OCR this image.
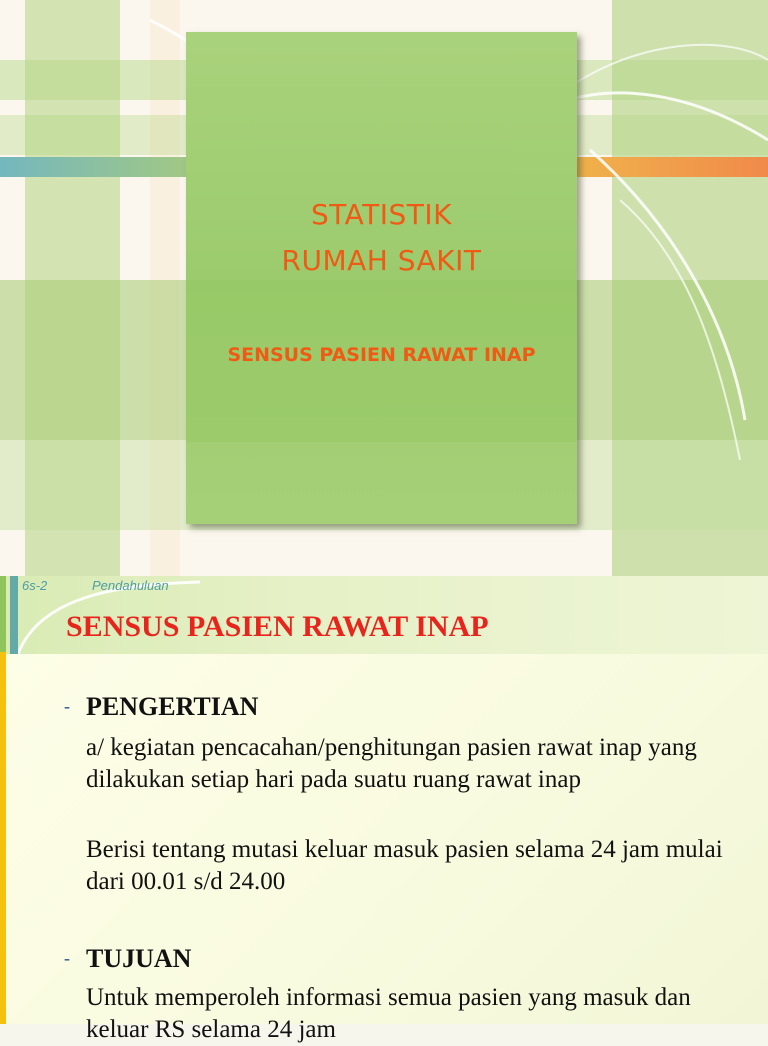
STATISTIK
RUMAH SAKIT
SENSUS PASIEN RAWAT INAP
6s-2	Pendahuluan
SENSUS PASIEN RAWAT INAP
- PENGERTIAN
a/ kegiatan pencacahan/penghitungan pasien rawat inap yang dilakukan setiap hari pada suatu ruang rawat inap
Berisi tentang mutasi keluar masuk pasien selama 24 jam mulai dari 00.01 s/d 24.00
- TUJUAN
Untuk memperoleh informasi semua pasien yang masuk dan keluar RS selama 24 jam
